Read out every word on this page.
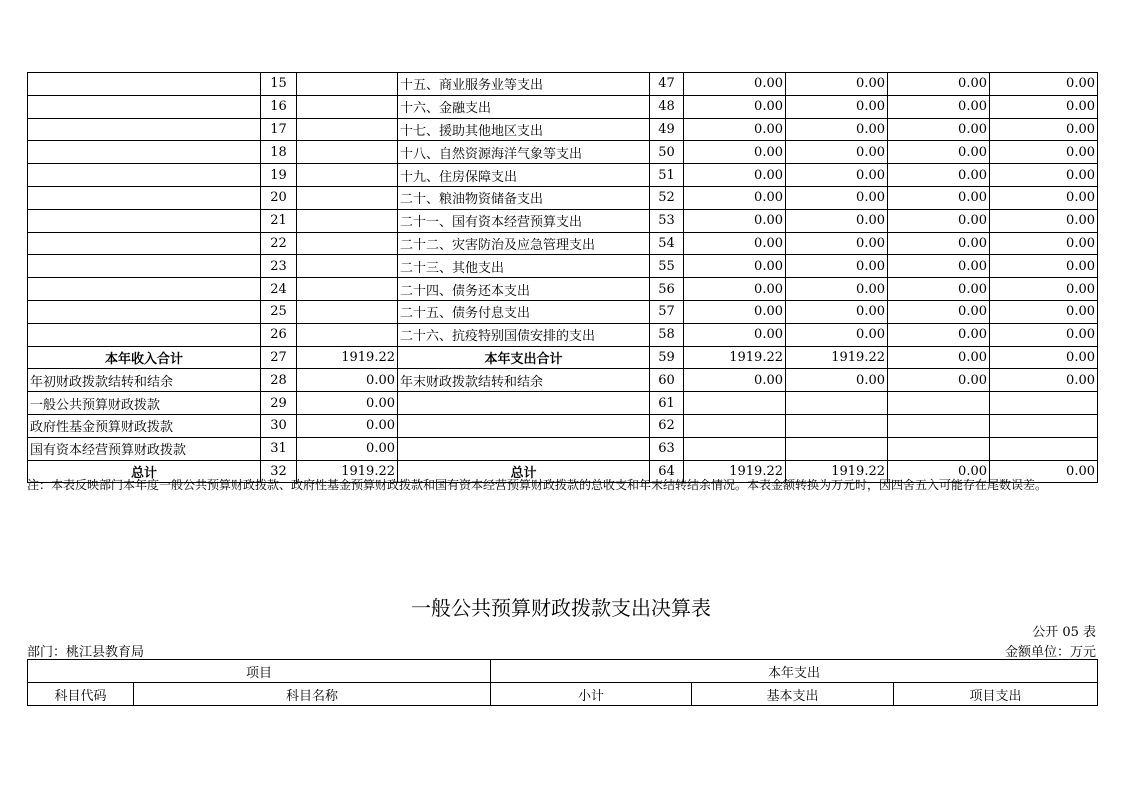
	15		十五、商业服务业等支出	47	0.00	0.00	0.00	0.00
	16		十六、金融支出	48	0.00	0.00	0.00	0.00
	17		十七、援助其他地区支出	49	0.00	0.00	0.00	0.00
	18		十八、自然资源海洋气象等支出	50	0.00	0.00	0.00	0.00
	19		十九、住房保障支出	51	0.00	0.00	0.00	0.00
	20		二十、粮油物资储备支出	52	0.00	0.00	0.00	0.00
	21		二十一、国有资本经营预算支出	53	0.00	0.00	0.00	0.00
	22		二十二、灾害防治及应急管理支出	54	0.00	0.00	0.00	0.00
	23		二十三、其他支出	55	0.00	0.00	0.00	0.00
	24		二十四、债务还本支出	56	0.00	0.00	0.00	0.00
	25		二十五、债务付息支出	57	0.00	0.00	0.00	0.00
	26		二十六、抗疫特别国债安排的支出	58	0.00	0.00	0.00	0.00
本年收入合计	27	1919.22	本年支出合计	59	1919.22	1919.22	0.00	0.00
年初财政拨款结转和结余	28	0.00	年末财政拨款结转和结余	60	0.00	0.00	0.00	0.00
一般公共预算财政拨款	29	0.00		61				
政府性基金预算财政拨款	30	0.00		62				
国有资本经营预算财政拨款	31	0.00		63				
总计	32	1919.22	总计	64	1919.22	1919.22	0.00	0.00
注：本表反映部门本年度一般公共预算财政拨款、政府性基金预算财政拨款和国有资本经营预算财政拨款的总收支和年末结转结余情况。本表金额转换为万元时，因四舍五入可能存在尾数误差。
一般公共预算财政拨款支出决算表
公开 05 表
部门：桃江县教育局	金额单位：万元
项目		本年支出		
科目代码	科目名称	小计	基本支出	项目支出
